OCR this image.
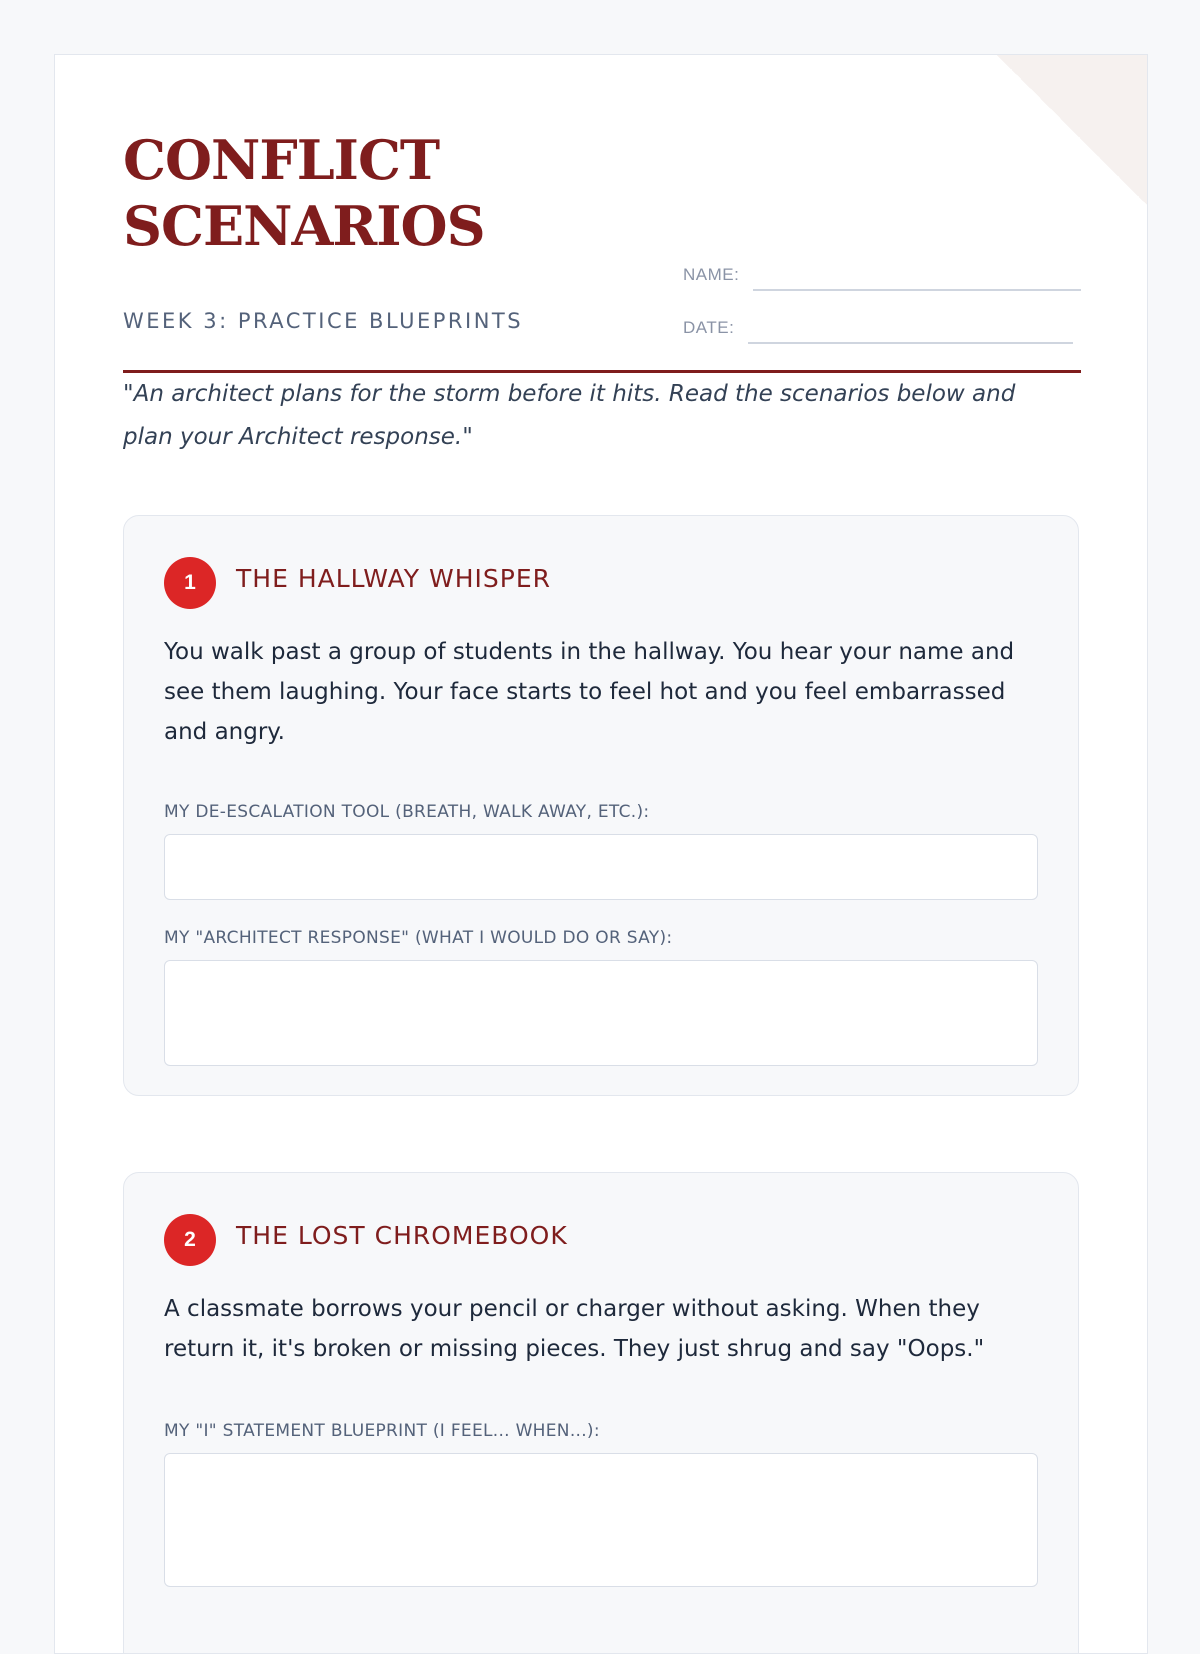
CONFLICT
SCENARIOS
WEEK 3: PRACTICE BLUEPRINTS
NAME:
DATE:

"An architect plans for the storm before it hits. Read the scenarios below and plan your Architect response."

1	THE HALLWAY WHISPER

You walk past a group of students in the hallway. You hear your name and see them laughing. Your face starts to feel hot and you feel embarrassed and angry.

MY DE-ESCALATION TOOL (BREATH, WALK AWAY, ETC.):
MY "ARCHITECT RESPONSE" (WHAT I WOULD DO OR SAY):
2	THE LOST CHROMEBOOK

A classmate borrows your pencil or charger without asking. When they return it, it's broken or missing pieces. They just shrug and say "Oops."

MY "I" STATEMENT BLUEPRINT (I FEEL... WHEN...):
